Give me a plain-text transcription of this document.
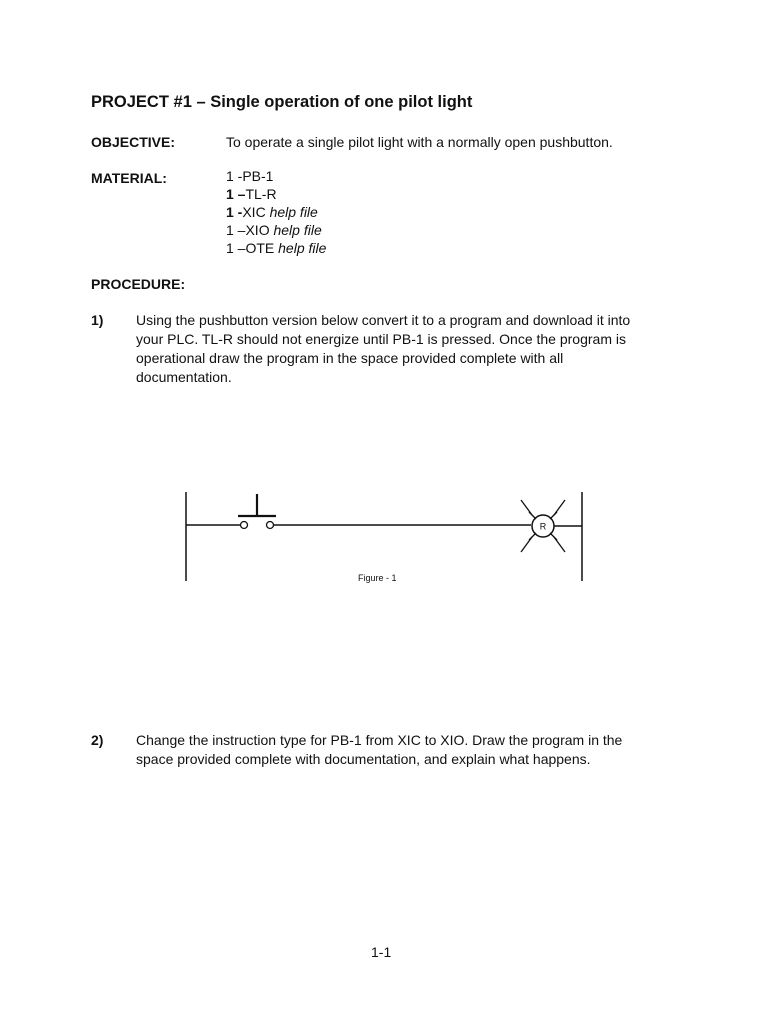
PROJECT #1 – Single operation of one pilot light
OBJECTIVE:	To operate a single pilot light with a normally open pushbutton.
MATERIAL:	1 -PB-1
1 –TL-R
1 -XIC help file
1 –XIO help file
1 –OTE help file
PROCEDURE:
1) Using the pushbutton version below convert it to a program and download it into
your PLC. TL-R should not energize until PB-1 is pressed. Once the program is
operational draw the program in the space provided complete with all
documentation.
R
Figure - 1
2) Change the instruction type for PB-1 from XIC to XIO. Draw the program in the
space provided complete with documentation, and explain what happens.
1-1
